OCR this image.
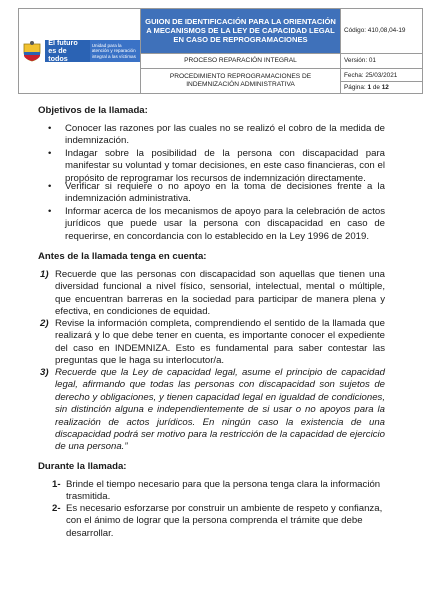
El futuro
es de todos
Unidad para la atención y reparación integral a las víctimas	GUION DE IDENTIFICACIÓN PARA LA ORIENTACIÓN A MECANISMOS DE LA LEY DE CAPACIDAD LEGAL EN CASO DE REPROGRAMACIONES	Código: 410,08,04-19
	PROCESO REPARACIÓN INTEGRAL	Versión: 01
	PROCEDIMIENTO REPROGRAMACIONES DE INDEMNIZACIÓN ADMINISTRATIVA	Fecha: 25/03/2021
Página: 1 de 12
Objetivos de la llamada:
• Conocer las razones por las cuales no se realizó el cobro de la medida de indemnización.
• Indagar sobre la posibilidad de la persona con discapacidad para manifestar su voluntad y tomar decisiones, en este caso financieras, con el propósito de reprogramar los recursos de indemnización directamente.
• Verificar si requiere o no apoyo en la toma de decisiones frente a la indemnización administrativa.
• Informar acerca de los mecanismos de apoyo para la celebración de actos jurídicos que puede usar la persona con discapacidad en caso de requerirse, en concordancia con lo establecido en la Ley 1996 de 2019.
Antes de la llamada tenga en cuenta:
1) Recuerde que las personas con discapacidad son aquellas que tienen una diversidad funcional a nivel físico, sensorial, intelectual, mental o múltiple, que encuentran barreras en la sociedad para participar de manera plena y efectiva, en condiciones de equidad.
2) Revise la información completa, comprendiendo el sentido de la llamada que realizará y lo que debe tener en cuenta, es importante conocer el expediente del caso en INDEMNIZA. Esto es fundamental para saber contestar las preguntas que le haga su interlocutor/a.
3) Recuerde que la Ley de capacidad legal, asume el principio de capacidad legal, afirmando que todas las personas con discapacidad son sujetos de derecho y obligaciones, y tienen capacidad legal en igualdad de condiciones, sin distinción alguna e independientemente de si usar o no apoyos para la realización de actos jurídicos. En ningún caso la existencia de una discapacidad podrá ser motivo para la restricción de la capacidad de ejercicio de una persona.”
Durante la llamada:
1- Brinde el tiempo necesario para que la persona tenga clara la información trasmitida.
2- Es necesario esforzarse por construir un ambiente de respeto y confianza, con el ánimo de lograr que la persona comprenda el trámite que debe desarrollar.
